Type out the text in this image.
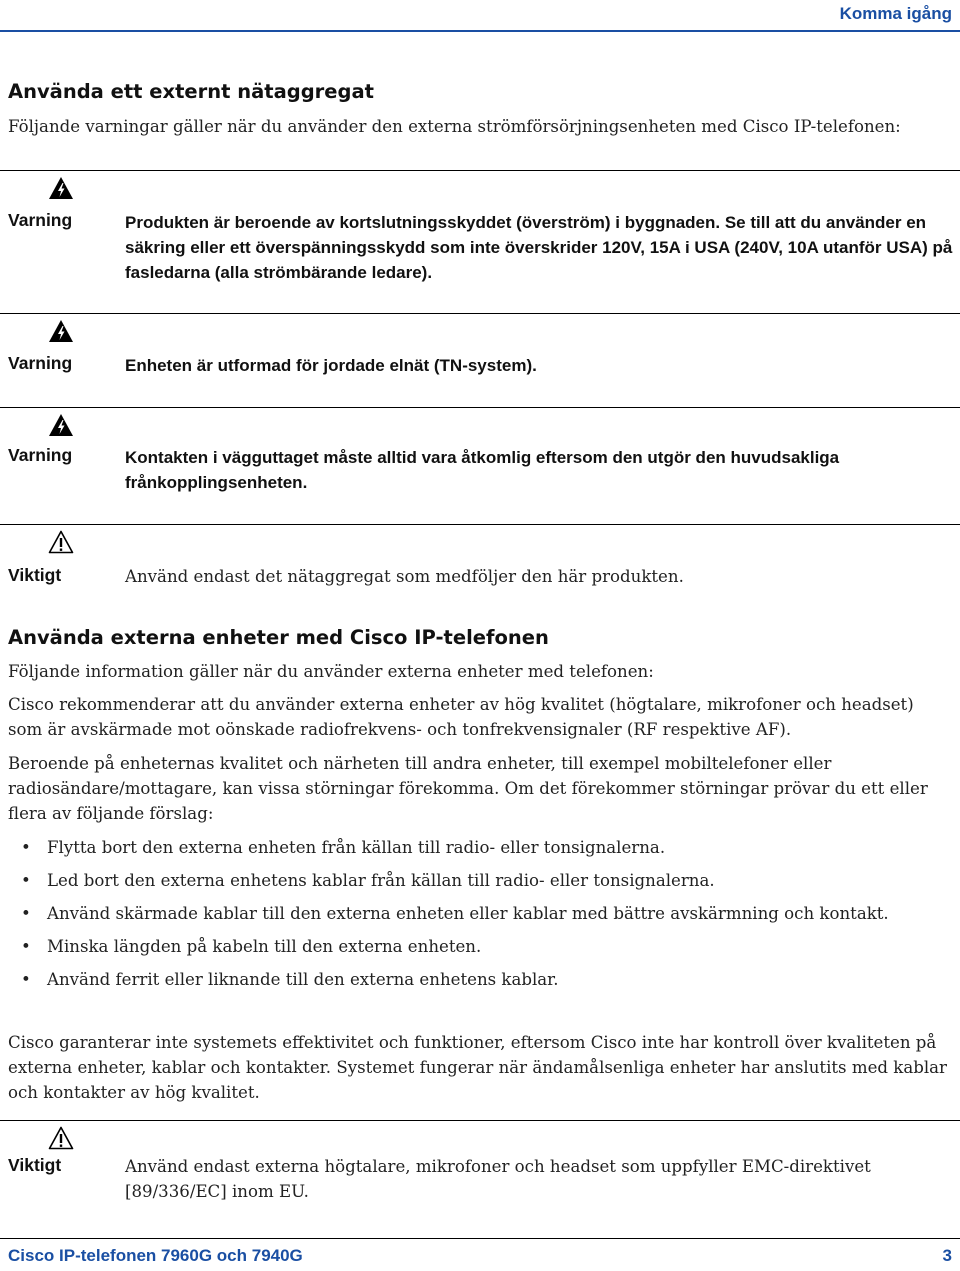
Komma igång
Använda ett externt nätaggregat

Följande varningar gäller när du använder den externa strömförsörjningsenheten med Cisco IP-telefonen:

Varning	Produkten är beroende av kortslutningsskyddet (överström) i byggnaden. Se till att du använder en säkring eller ett överspänningsskydd som inte överskrider 120V, 15A i USA (240V, 10A utanför USA) på fasledarna (alla strömbärande ledare).
Varning	Enheten är utformad för jordade elnät (TN-system).
Varning	Kontakten i vägguttaget måste alltid vara åtkomlig eftersom den utgör den huvudsakliga frånkopplingsenheten.
Viktigt	Använd endast det nätaggregat som medföljer den här produkten.
Använda externa enheter med Cisco IP-telefonen

Följande information gäller när du använder externa enheter med telefonen:

Cisco rekommenderar att du använder externa enheter av hög kvalitet (högtalare, mikrofoner och headset) som är avskärmade mot oönskade radiofrekvens- och tonfrekvensignaler (RF respektive AF).

Beroende på enheternas kvalitet och närheten till andra enheter, till exempel mobiltelefoner eller radiosändare/mottagare, kan vissa störningar förekomma. Om det förekommer störningar prövar du ett eller flera av följande förslag:

• Flytta bort den externa enheten från källan till radio- eller tonsignalerna.
• Led bort den externa enhetens kablar från källan till radio- eller tonsignalerna.
• Använd skärmade kablar till den externa enheten eller kablar med bättre avskärmning och kontakt.
• Minska längden på kabeln till den externa enheten.
• Använd ferrit eller liknande till den externa enhetens kablar.

Cisco garanterar inte systemets effektivitet och funktioner, eftersom Cisco inte har kontroll över kvaliteten på externa enheter, kablar och kontakter. Systemet fungerar när ändamålsenliga enheter har anslutits med kablar och kontakter av hög kvalitet.

Viktigt	Använd endast externa högtalare, mikrofoner och headset som uppfyller EMC-direktivet [89/336/EC] inom EU.
Cisco IP-telefonen 7960G och 7940G	3
